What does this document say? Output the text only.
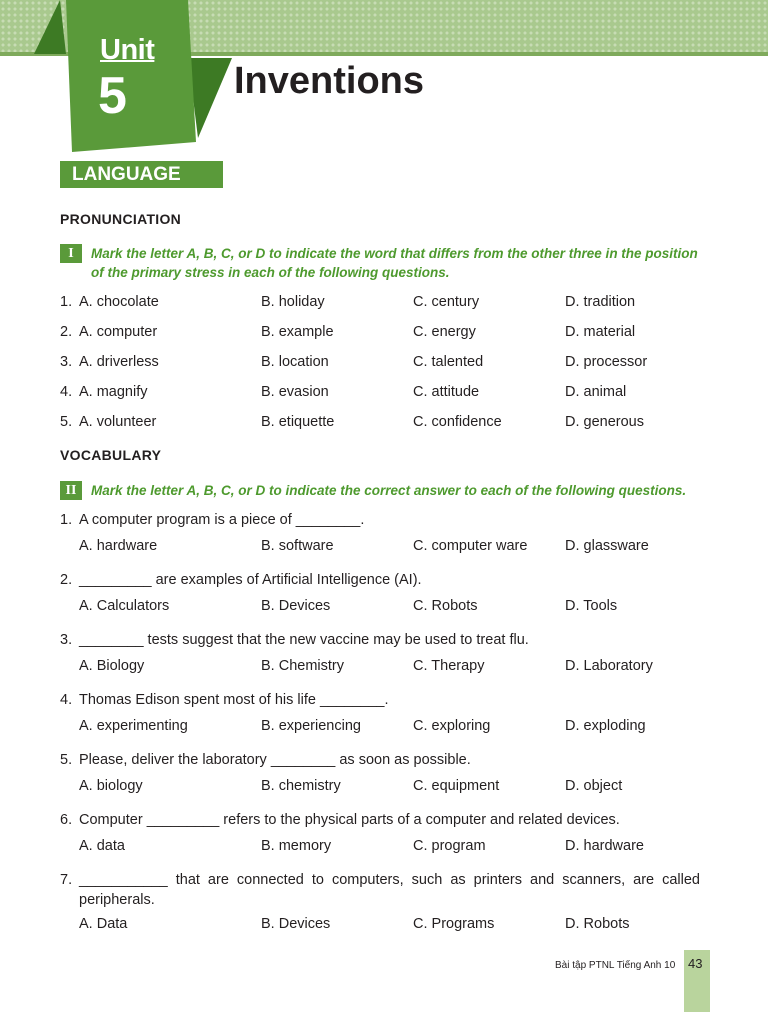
Unit
5	Inventions
LANGUAGE
PRONUNCIATION
I	Mark the letter A, B, C, or D to indicate the word that differs from the other three in the position of the primary stress in each of the following questions.
1. A. chocolate	B. holiday	C. century	D. tradition
2. A. computer	B. example	C. energy	D. material
3. A. driverless	B. location	C. talented	D. processor
4. A. magnify	B. evasion	C. attitude	D. animal
5. A. volunteer	B. etiquette	C. confidence	D. generous
VOCABULARY
II	Mark the letter A, B, C, or D to indicate the correct answer to each of the following questions.
1. A computer program is a piece of ________.
A. hardware	B. software	C. computer ware	D. glassware
2. _________ are examples of Artificial Intelligence (AI).
A. Calculators	B. Devices	C. Robots	D. Tools
3. ________ tests suggest that the new vaccine may be used to treat flu.
A. Biology	B. Chemistry	C. Therapy	D. Laboratory
4. Thomas Edison spent most of his life ________.
A. experimenting	B. experiencing	C. exploring	D. exploding
5. Please, deliver the laboratory ________ as soon as possible.
A. biology	B. chemistry	C. equipment	D. object
6. Computer _________ refers to the physical parts of a computer and related devices.
A. data	B. memory	C. program	D. hardware
7. ___________ that are connected to computers, such as printers and scanners, are called peripherals.
A. Data	B. Devices	C. Programs	D. Robots
Bài tập PTNL Tiếng Anh 10 43
